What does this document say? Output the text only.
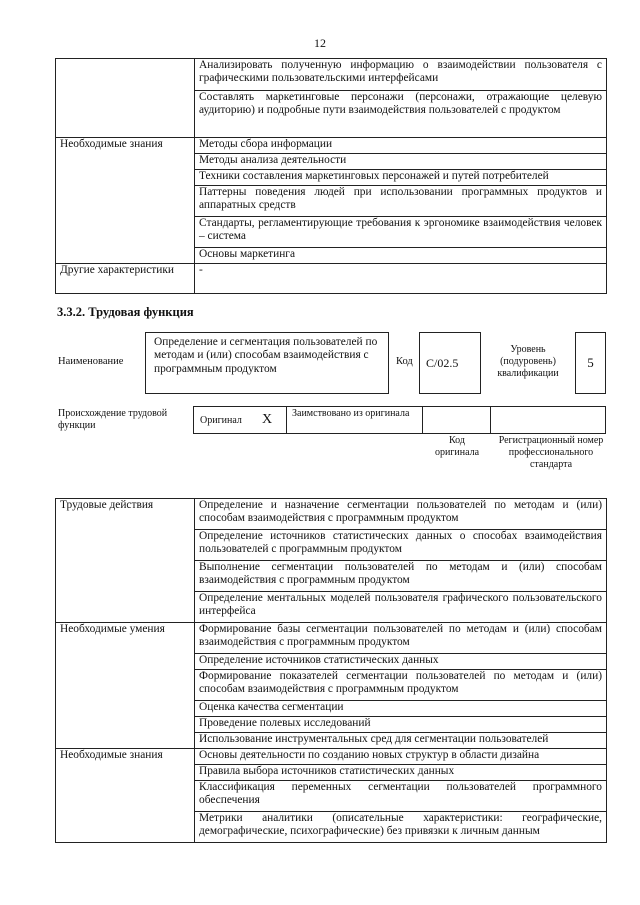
12
	Анализировать полученную информацию о взаимодействии пользователя с графическими пользовательскими интерфейсами
	Составлять маркетинговые персонажи (персонажи, отражающие целевую аудиторию) и подробные пути взаимодействия пользователей с продуктом
Необходимые знания	Методы сбора информации
	Методы анализа деятельности
	Техники составления маркетинговых персонажей и путей потребителей
	Паттерны поведения людей при использовании программных продуктов и аппаратных средств
	Стандарты, регламентирующие требования к эргономике взаимодействия человек – система
	Основы маркетинга
Другие характеристики	-
3.3.2. Трудовая функция
Наименование
Определение и сегментация пользователей по методам и (или) способам взаимодействия с программным продуктом
Код C/02.5
Уровень (подуровень) квалификации
5
Происхождение трудовой функции	Оригинал X Заимствовано из оригинала
Код оригинала
Регистрационный номер профессионального стандарта
Трудовые действия	Определение и назначение сегментации пользователей по методам и (или) способам взаимодействия с программным продуктом
	Определение источников статистических данных о способах взаимодействия пользователей с программным продуктом
	Выполнение сегментации пользователей по методам и (или) способам взаимодействия с программным продуктом
	Определение ментальных моделей пользователя графического пользовательского интерфейса
Необходимые умения	Формирование базы сегментации пользователей по методам и (или) способам взаимодействия с программным продуктом
	Определение источников статистических данных
	Формирование показателей сегментации пользователей по методам и (или) способам взаимодействия с программным продуктом
	Оценка качества сегментации
	Проведение полевых исследований
	Использование инструментальных сред для сегментации пользователей
Необходимые знания	Основы деятельности по созданию новых структур в области дизайна
	Правила выбора источников статистических данных
	Классификация переменных сегментации пользователей программного обеспечения
	Метрики аналитики (описательные характеристики: географические, демографические, психографические) без привязки к личным данным
